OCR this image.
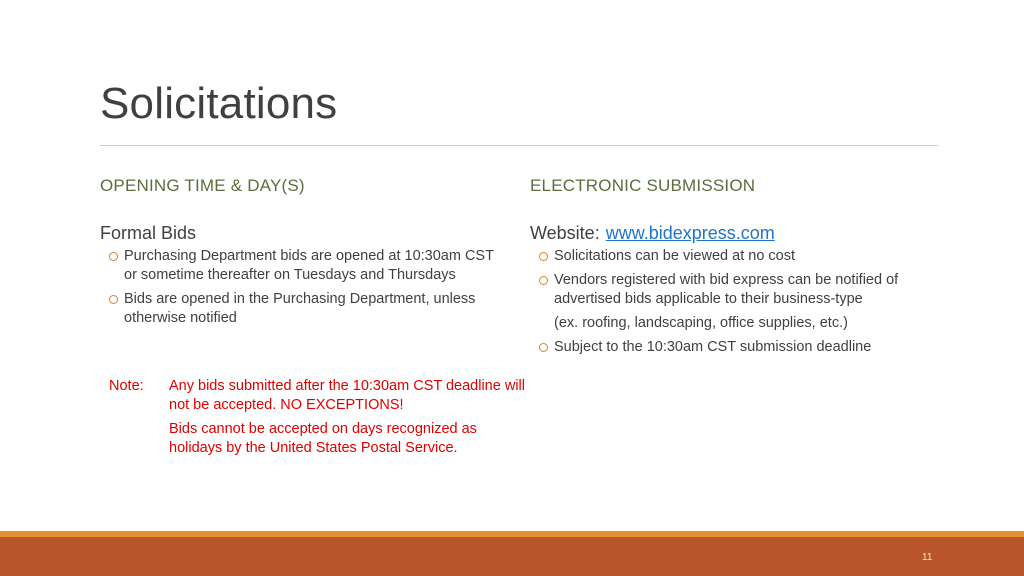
Solicitations
OPENING TIME & DAY(S)
Formal Bids
Purchasing Department bids are opened at 10:30am CST or sometime thereafter on Tuesdays and Thursdays
Bids are opened in the Purchasing Department, unless otherwise notified
Note: Any bids submitted after the 10:30am CST deadline will not be accepted. NO EXCEPTIONS!
Bids cannot be accepted on days recognized as holidays by the United States Postal Service.
ELECTRONIC SUBMISSION
Website: www.bidexpress.com
Solicitations can be viewed at no cost
Vendors registered with bid express can be notified of advertised bids applicable to their business-type
(ex. roofing, landscaping, office supplies, etc.)
Subject to the 10:30am CST submission deadline
11
